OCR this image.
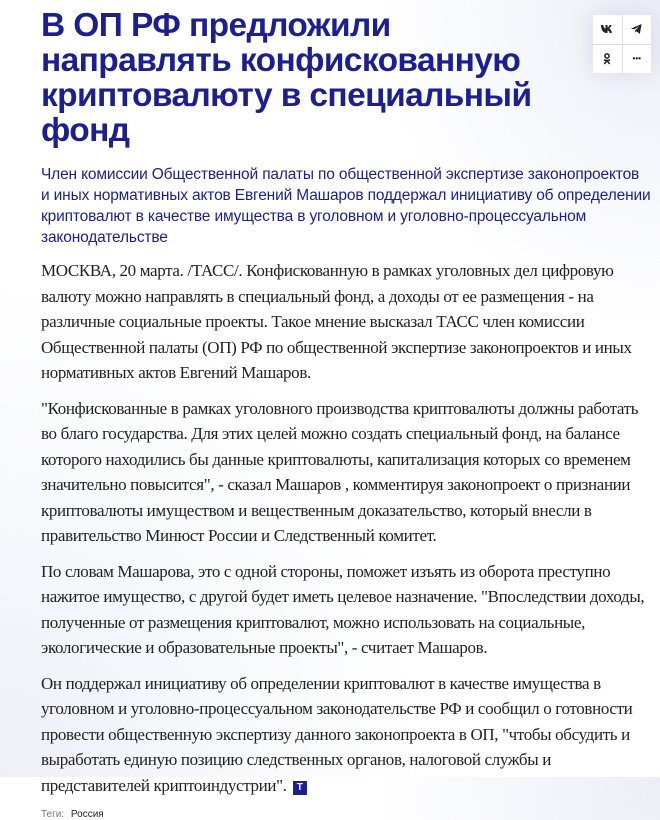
В ОП РФ предложили направлять конфискованную криптовалюту в специальный фонд

Член комиссии Общественной палаты по общественной экспертизе законопроектов и иных нормативных актов Евгений Машаров поддержал инициативу об определении криптовалют в качестве имущества в уголовном и уголовно-процессуальном законодательстве

МОСКВА, 20 марта. /ТАСС/. Конфискованную в рамках уголовных дел цифровую валюту можно направлять в специальный фонд, а доходы от ее размещения - на различные социальные проекты. Такое мнение высказал ТАСС член комиссии Общественной палаты (ОП) РФ по общественной экспертизе законопроектов и иных нормативных актов Евгений Машаров.

"Конфискованные в рамках уголовного производства криптовалюты должны работать во благо государства. Для этих целей можно создать специальный фонд, на балансе которого находились бы данные криптовалюты, капитализация которых со временем значительно повысится", - сказал Машаров , комментируя законопроект о признании криптовалюты имуществом и вещественным доказательство, который внесли в правительство Минюст России и Следственный комитет.

По словам Машарова, это с одной стороны, поможет изъять из оборота преступно нажитое имущество, с другой будет иметь целевое назначение. "Впоследствии доходы, полученные от размещения криптовалют, можно использовать на социальные, экологические и образовательные проекты", - считает Машаров.

Он поддержал инициативу об определении криптовалют в качестве имущества в уголовном и уголовно-процессуальном законодательстве РФ и сообщил о готовности провести общественную экспертизу данного законопроекта в ОП, "чтобы обсудить и выработать единую позицию следственных органов, налоговой службы и представителей криптоиндустрии". Т

Теги: Россия
•••
